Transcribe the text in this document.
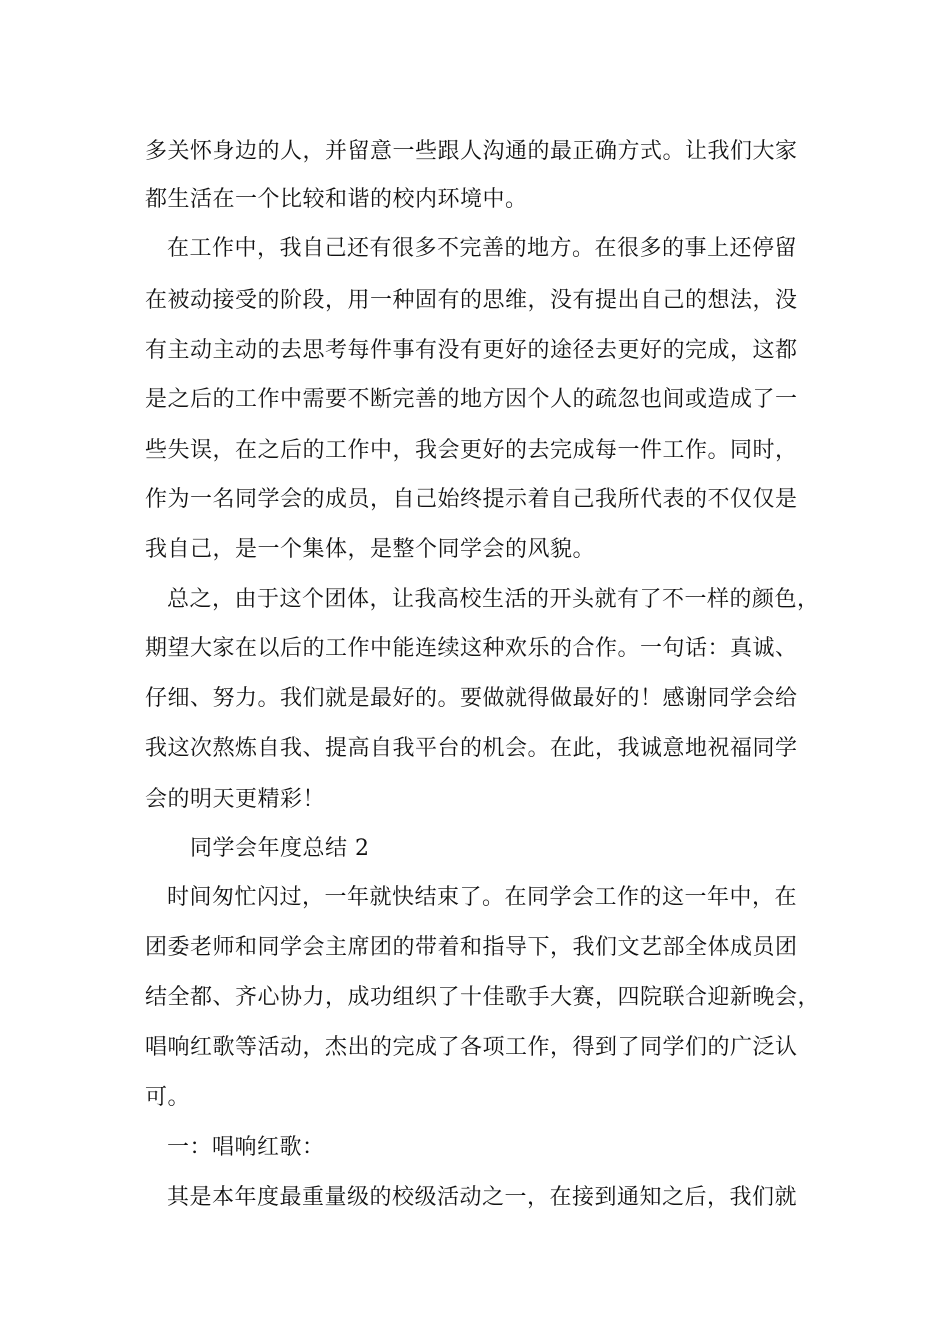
多关怀身边的人，并留意一些跟人沟通的最正确方式。让我们大家
都生活在一个比较和谐的校内环境中。
在工作中，我自己还有很多不完善的地方。在很多的事上还停留
在被动接受的阶段，用一种固有的思维，没有提出自己的想法，没
有主动主动的去思考每件事有没有更好的途径去更好的完成，这都
是之后的工作中需要不断完善的地方因个人的疏忽也间或造成了一
些失误，在之后的工作中，我会更好的去完成每一件工作。同时，
作为一名同学会的成员，自己始终提示着自己我所代表的不仅仅是
我自己，是一个集体，是整个同学会的风貌。
总之，由于这个团体，让我高校生活的开头就有了不一样的颜色，
期望大家在以后的工作中能连续这种欢乐的合作。一句话：真诚、
仔细、努力。我们就是最好的。要做就得做最好的！感谢同学会给
我这次熬炼自我、提高自我平台的机会。在此，我诚意地祝福同学
会的明天更精彩！
同学会年度总结 2
时间匆忙闪过，一年就快结束了。在同学会工作的这一年中，在
团委老师和同学会主席团的带着和指导下，我们文艺部全体成员团
结全都、齐心协力，成功组织了十佳歌手大赛，四院联合迎新晚会，
唱响红歌等活动，杰出的完成了各项工作，得到了同学们的广泛认
可。
一：唱响红歌：
其是本年度最重量级的校级活动之一，在接到通知之后，我们就
